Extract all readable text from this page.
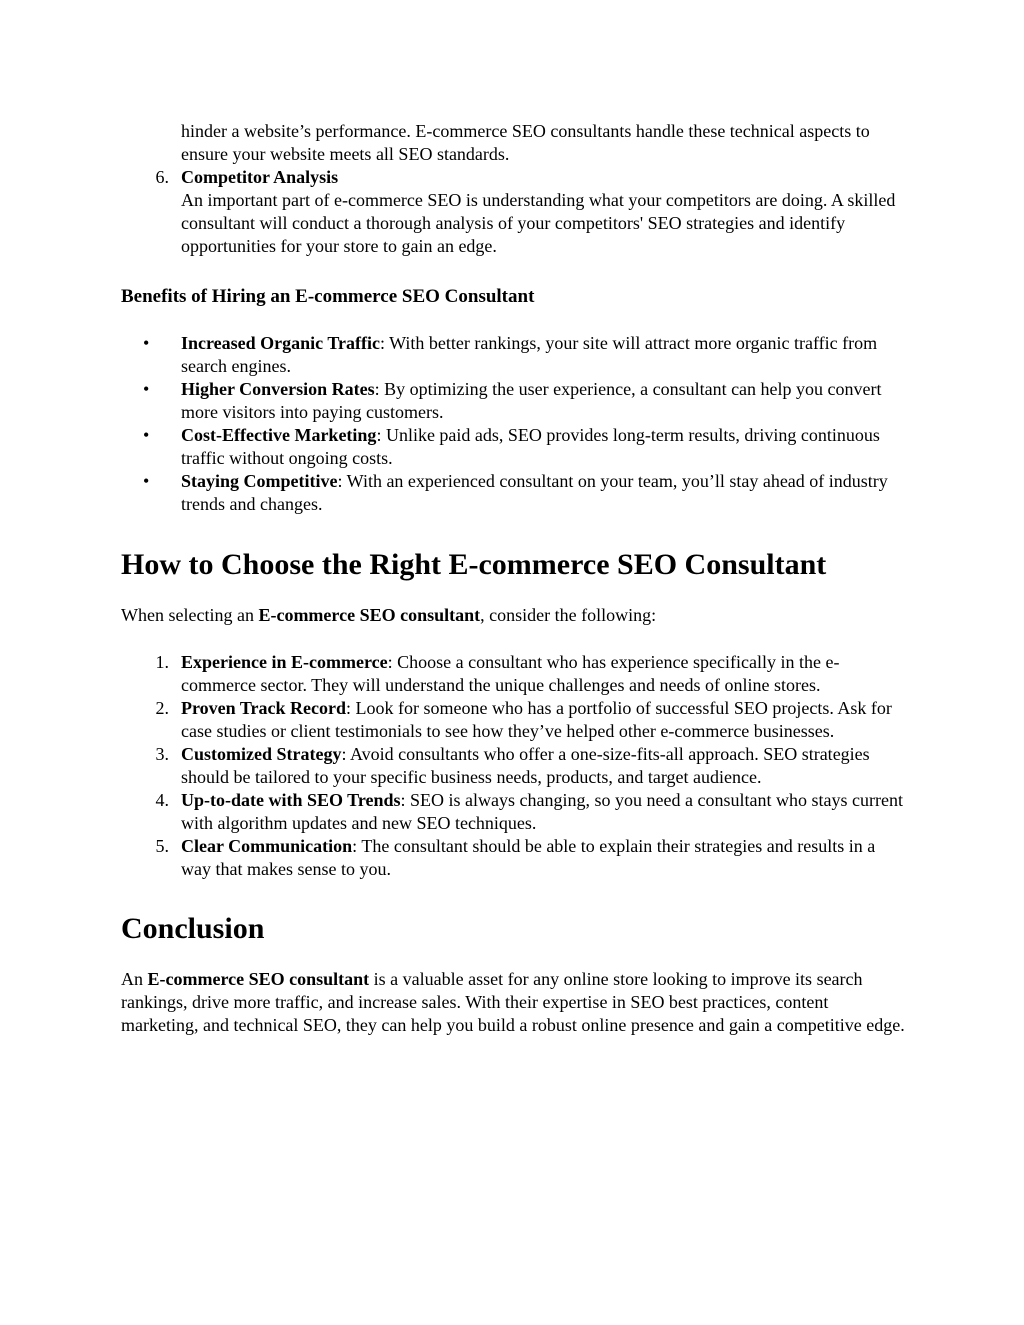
hinder a website’s performance. E-commerce SEO consultants handle these technical aspects to ensure your website meets all SEO standards.
6. Competitor Analysis
An important part of e-commerce SEO is understanding what your competitors are doing. A skilled consultant will conduct a thorough analysis of your competitors' SEO strategies and identify opportunities for your store to gain an edge.
Benefits of Hiring an E-commerce SEO Consultant
• Increased Organic Traffic: With better rankings, your site will attract more organic traffic from search engines.
• Higher Conversion Rates: By optimizing the user experience, a consultant can help you convert more visitors into paying customers.
• Cost-Effective Marketing: Unlike paid ads, SEO provides long-term results, driving continuous traffic without ongoing costs.
• Staying Competitive: With an experienced consultant on your team, you’ll stay ahead of industry trends and changes.
How to Choose the Right E-commerce SEO Consultant

When selecting an E-commerce SEO consultant, consider the following:

1. Experience in E-commerce: Choose a consultant who has experience specifically in the e-commerce sector. They will understand the unique challenges and needs of online stores.
2. Proven Track Record: Look for someone who has a portfolio of successful SEO projects. Ask for case studies or client testimonials to see how they’ve helped other e-commerce businesses.
3. Customized Strategy: Avoid consultants who offer a one-size-fits-all approach. SEO strategies should be tailored to your specific business needs, products, and target audience.
4. Up-to-date with SEO Trends: SEO is always changing, so you need a consultant who stays current with algorithm updates and new SEO techniques.
5. Clear Communication: The consultant should be able to explain their strategies and results in a way that makes sense to you.
Conclusion

An E-commerce SEO consultant is a valuable asset for any online store looking to improve its search rankings, drive more traffic, and increase sales. With their expertise in SEO best practices, content marketing, and technical SEO, they can help you build a robust online presence and gain a competitive edge.
